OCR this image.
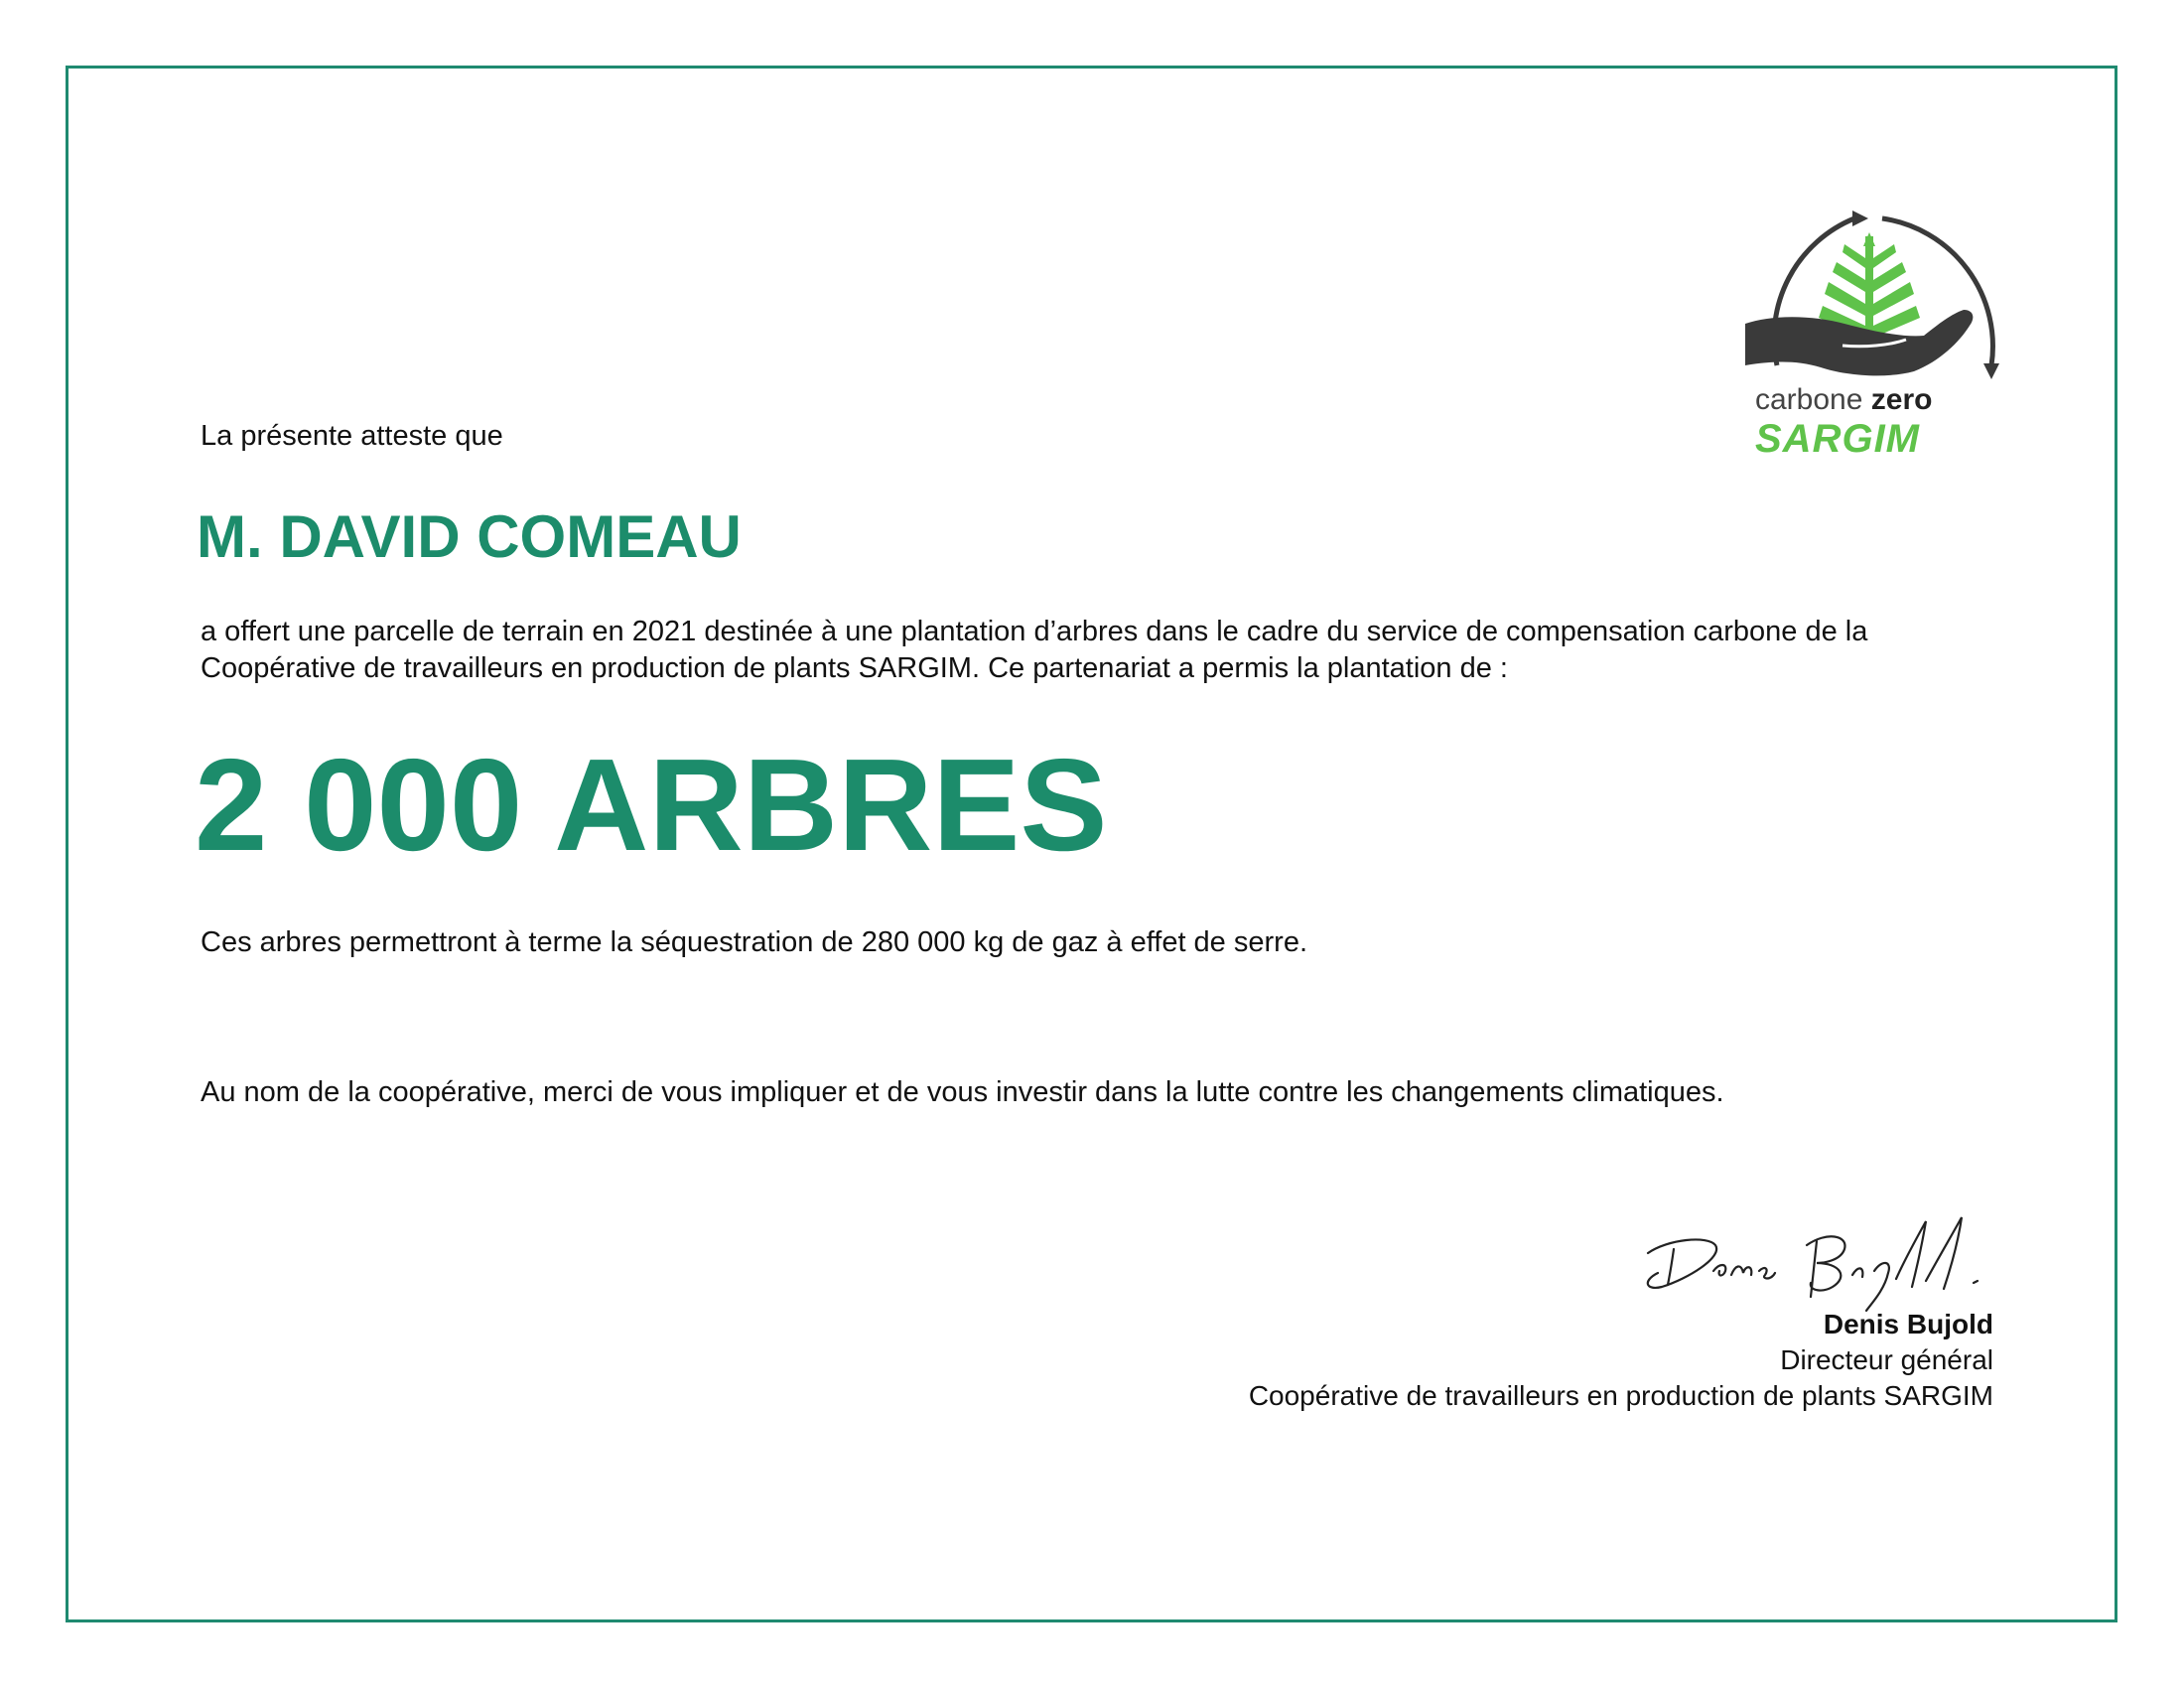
carbone zero
SARGIM
La présente atteste que
M. DAVID COMEAU
a offert une parcelle de terrain en 2021 destinée à une plantation d’arbres dans le cadre du service de compensation carbone de la Coopérative de travailleurs en production de plants SARGIM. Ce partenariat a permis la plantation de :
2 000 ARBRES
Ces arbres permettront à terme la séquestration de 280 000 kg de gaz à effet de serre.
Au nom de la coopérative, merci de vous impliquer et de vous investir dans la lutte contre les changements climatiques.
Denis Bujold
Directeur général
Coopérative de travailleurs en production de plants SARGIM
